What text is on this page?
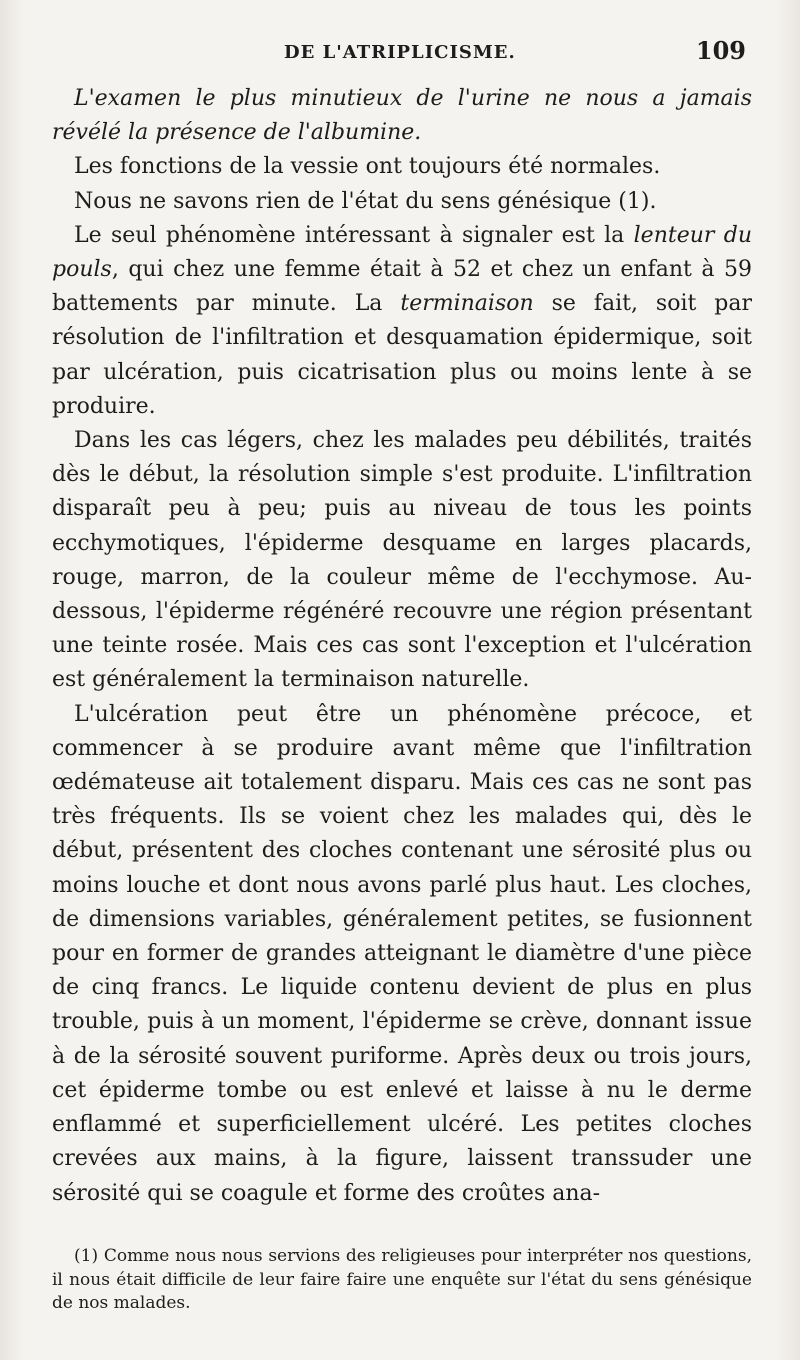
DE L'ATRIPLICISME.	109

L'examen le plus minutieux de l'urine ne nous a jamais révélé la présence de l'albumine.

Les fonctions de la vessie ont toujours été normales.

Nous ne savons rien de l'état du sens génésique (1).

Le seul phénomène intéressant à signaler est la lenteur du pouls, qui chez une femme était à 52 et chez un enfant à 59 battements par minute. La terminaison se fait, soit par résolution de l'infiltration et desquamation épidermique, soit par ulcération, puis cicatrisation plus ou moins lente à se produire.

Dans les cas légers, chez les malades peu débilités, traités dès le début, la résolution simple s'est produite. L'infiltration disparaît peu à peu; puis au niveau de tous les points ecchymotiques, l'épiderme desquame en larges placards, rouge, marron, de la couleur même de l'ecchymose. Au-dessous, l'épiderme régénéré recouvre une région présentant une teinte rosée. Mais ces cas sont l'exception et l'ulcération est généralement la terminaison naturelle.

L'ulcération peut être un phénomène précoce, et commencer à se produire avant même que l'infiltration œdémateuse ait totalement disparu. Mais ces cas ne sont pas très fréquents. Ils se voient chez les malades qui, dès le début, présentent des cloches contenant une sérosité plus ou moins louche et dont nous avons parlé plus haut. Les cloches, de dimensions variables, généralement petites, se fusionnent pour en former de grandes atteignant le diamètre d'une pièce de cinq francs. Le liquide contenu devient de plus en plus trouble, puis à un moment, l'épiderme se crève, donnant issue à de la sérosité souvent puriforme. Après deux ou trois jours, cet épiderme tombe ou est enlevé et laisse à nu le derme enflammé et superficiellement ulcéré. Les petites cloches crevées aux mains, à la figure, laissent transsuder une sérosité qui se coagule et forme des croûtes ana-

(1) Comme nous nous servions des religieuses pour interpréter nos questions, il nous était difficile de leur faire faire une enquête sur l'état du sens génésique de nos malades.
